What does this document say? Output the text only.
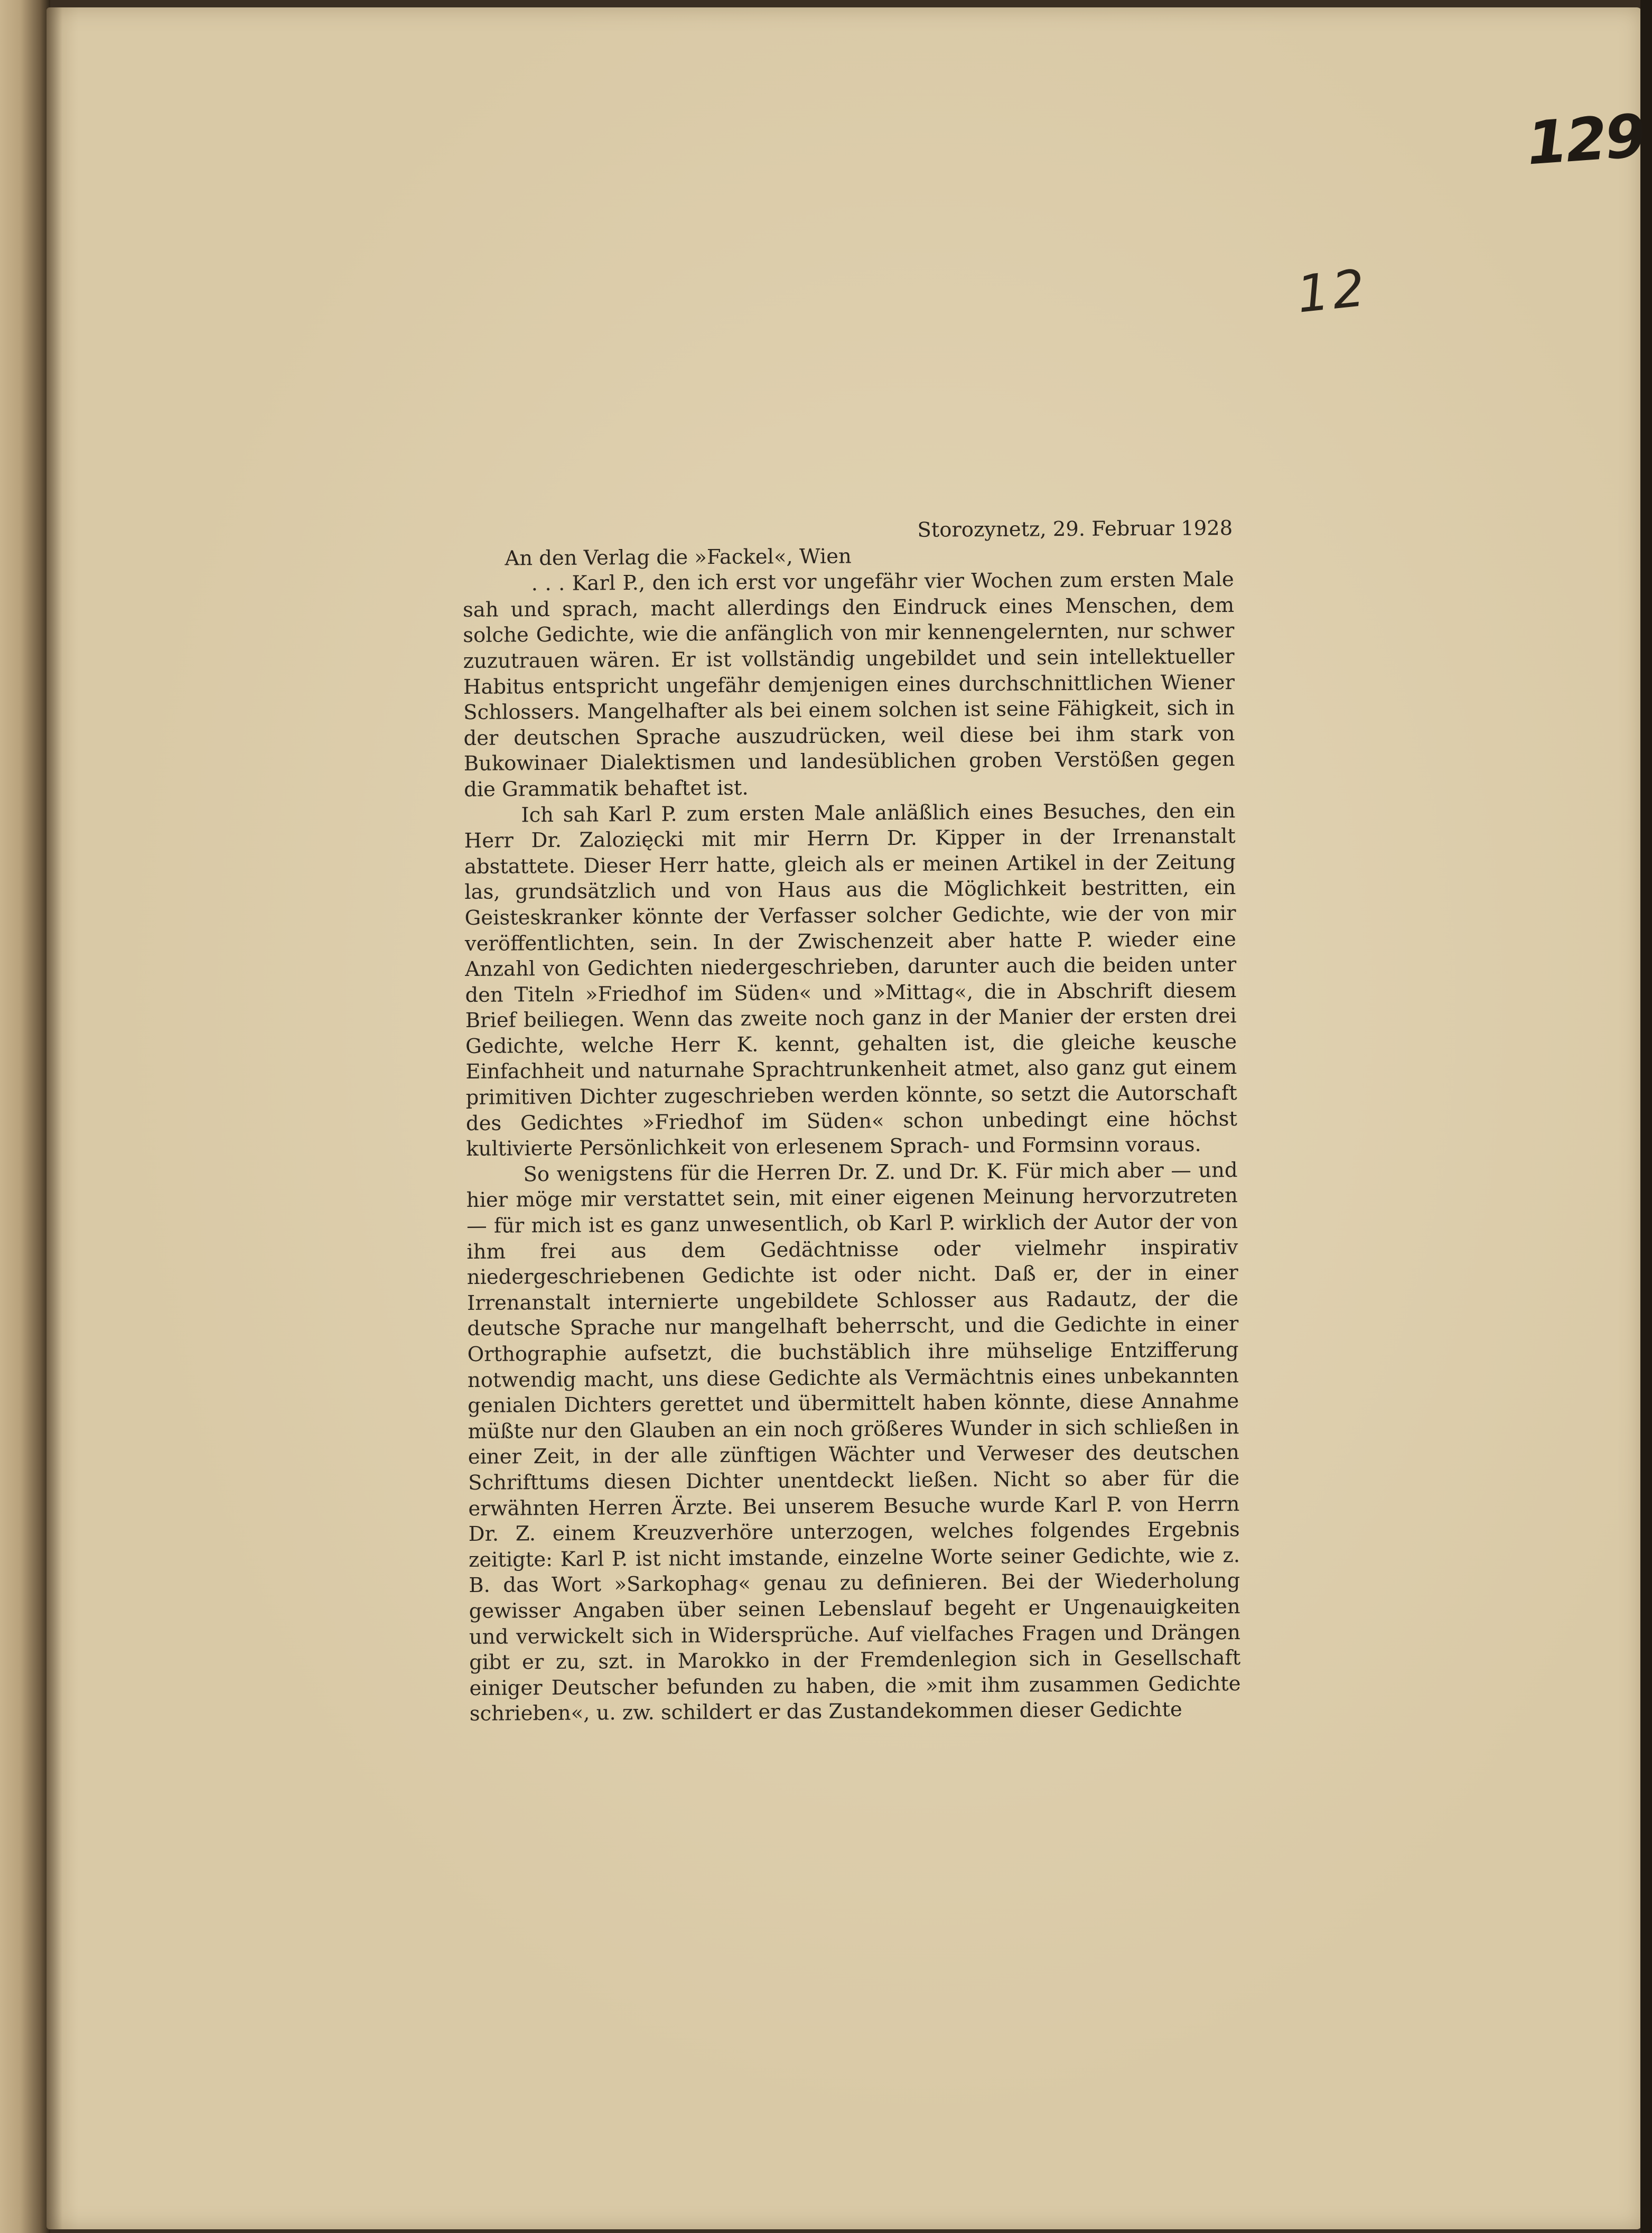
129
12

Storozynetz, 29. Februar 1928

An den Verlag die »Fackel«, Wien

. . . Karl P., den ich erst vor ungefähr vier Wochen zum ersten Male sah und sprach, macht allerdings den Eindruck eines Menschen, dem solche Gedichte, wie die anfänglich von mir kennengelernten, nur schwer zuzutrauen wären. Er ist vollständig ungebildet und sein intellektueller Habitus entspricht ungefähr demjenigen eines durchschnittlichen Wiener Schlossers. Mangelhafter als bei einem solchen ist seine Fähigkeit, sich in der deutschen Sprache auszudrücken, weil diese bei ihm stark von Bukowinaer Dialektismen und landesüblichen groben Verstößen gegen die Grammatik behaftet ist.

Ich sah Karl P. zum ersten Male anläßlich eines Besuches, den ein Herr Dr. Zalozięcki mit mir Herrn Dr. Kipper in der Irrenanstalt abstattete. Dieser Herr hatte, gleich als er meinen Artikel in der Zeitung las, grundsätzlich und von Haus aus die Möglichkeit bestritten, ein Geisteskranker könnte der Verfasser solcher Gedichte, wie der von mir veröffentlichten, sein. In der Zwischenzeit aber hatte P. wieder eine Anzahl von Gedichten niedergeschrieben, darunter auch die beiden unter den Titeln »Friedhof im Süden« und »Mittag«, die in Abschrift diesem Brief beiliegen. Wenn das zweite noch ganz in der Manier der ersten drei Gedichte, welche Herr K. kennt, gehalten ist, die gleiche keusche Einfachheit und naturnahe Sprachtrunkenheit atmet, also ganz gut einem primitiven Dichter zugeschrieben werden könnte, so setzt die Autorschaft des Gedichtes »Friedhof im Süden« schon unbedingt eine höchst kultivierte Persönlichkeit von erlesenem Sprach- und Formsinn voraus.

So wenigstens für die Herren Dr. Z. und Dr. K. Für mich aber — und hier möge mir verstattet sein, mit einer eigenen Meinung hervorzutreten — für mich ist es ganz unwesentlich, ob Karl P. wirklich der Autor der von ihm frei aus dem Gedächtnisse oder vielmehr inspirativ niedergeschriebenen Gedichte ist oder nicht. Daß er, der in einer Irrenanstalt internierte ungebildete Schlosser aus Radautz, der die deutsche Sprache nur mangelhaft beherrscht, und die Gedichte in einer Orthographie aufsetzt, die buchstäblich ihre mühselige Entzifferung notwendig macht, uns diese Gedichte als Vermächtnis eines unbekannten genialen Dichters gerettet und übermittelt haben könnte, diese Annahme müßte nur den Glauben an ein noch größeres Wunder in sich schließen in einer Zeit, in der alle zünftigen Wächter und Verweser des deutschen Schrifttums diesen Dichter unentdeckt ließen. Nicht so aber für die erwähnten Herren Ärzte. Bei unserem Besuche wurde Karl P. von Herrn Dr. Z. einem Kreuzverhöre unterzogen, welches folgendes Ergebnis zeitigte: Karl P. ist nicht imstande, einzelne Worte seiner Gedichte, wie z. B. das Wort »Sarkophag« genau zu definieren. Bei der Wiederholung gewisser Angaben über seinen Lebenslauf begeht er Ungenauigkeiten und verwickelt sich in Widersprüche. Auf vielfaches Fragen und Drängen gibt er zu, szt. in Marokko in der Fremdenlegion sich in Gesellschaft einiger Deutscher befunden zu haben, die »mit ihm zusammen Gedichte schrieben«, u. zw. schildert er das Zustandekommen dieser Gedichte
